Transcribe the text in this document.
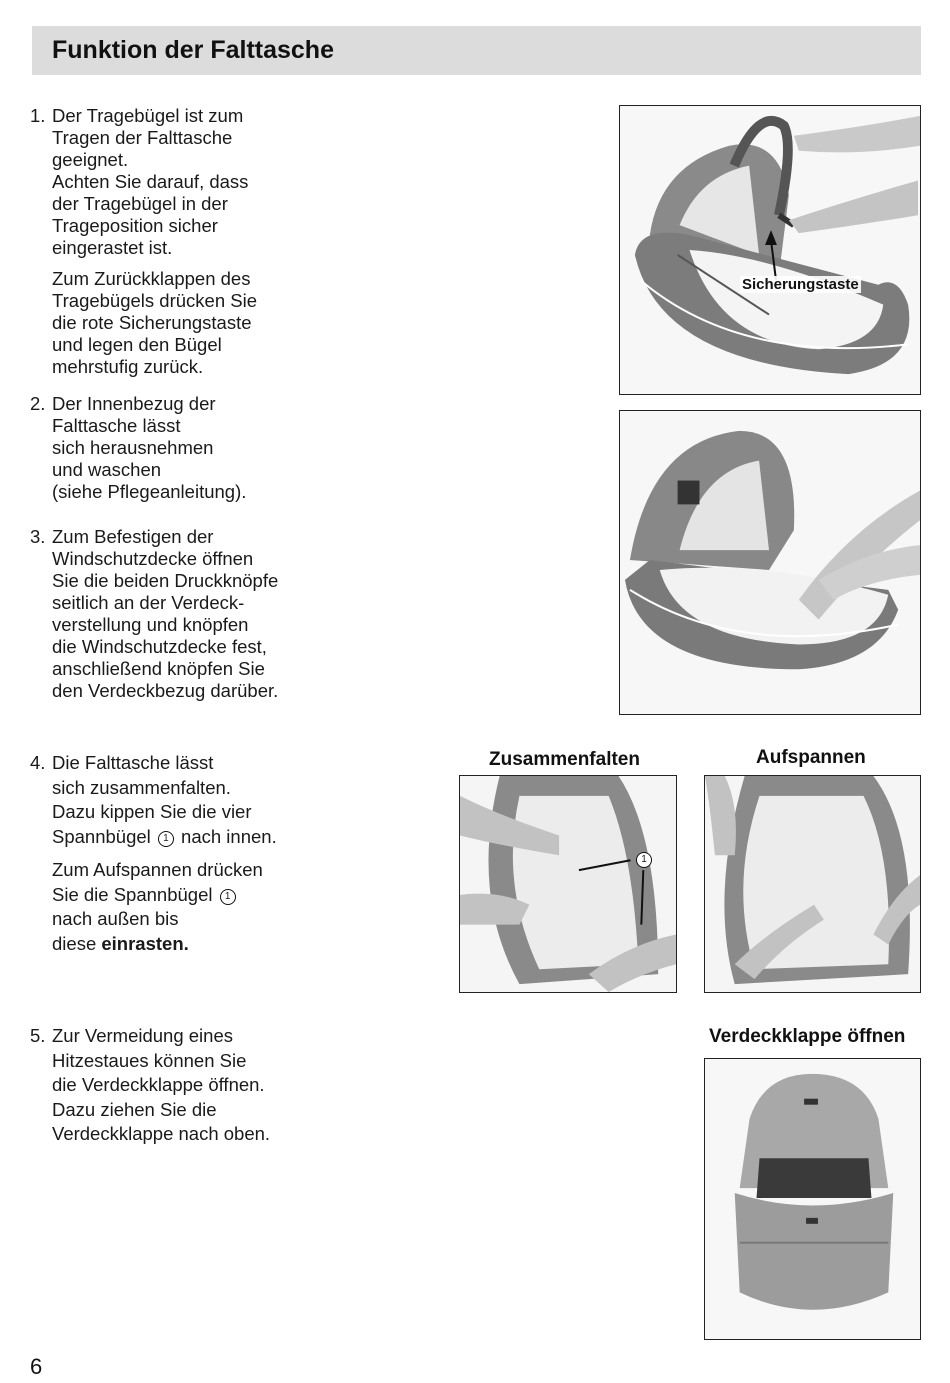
Funktion der Falttasche
1. Der Tragebügel ist zum
Tragen der Falttasche
geeignet.
Achten Sie darauf, dass
der Tragebügel in der
Trageposition sicher
eingerastet ist.
Zum Zurückklappen des
Tragebügels drücken Sie
die rote Sicherungstaste
und legen den Bügel
mehrstufig zurück.
2. Der Innenbezug der
Falttasche lässt
sich herausnehmen
und waschen
(siehe Pflegeanleitung).
3. Zum Befestigen der
Windschutzdecke öffnen
Sie die beiden Druckknöpfe
seitlich an der Verdeck-
verstellung und knöpfen
die Windschutzdecke fest,
anschließend knöpfen Sie
den Verdeckbezug darüber.
4. Die Falttasche lässt
sich zusammenfalten.
Dazu kippen Sie die vier
Spannbügel 1 nach innen.
Zum Aufspannen drücken
Sie die Spannbügel 1
nach außen bis
diese einrasten.
5. Zur Vermeidung eines
Hitzestaues können Sie
die Verdeckklappe öffnen.
Dazu ziehen Sie die
Verdeckklappe nach oben.
Sicherungstaste
Zusammenfalten
1
Aufspannen
Verdeckklappe öffnen
6
